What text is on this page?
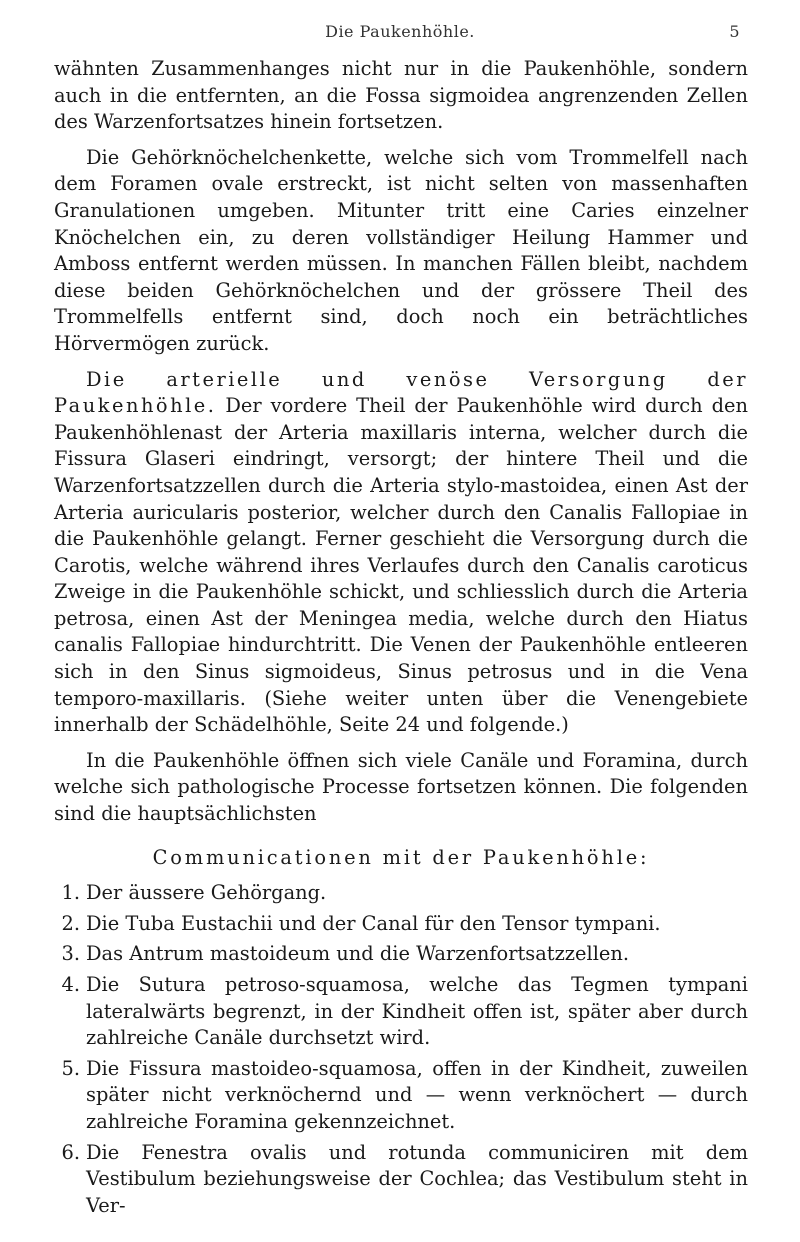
Die Paukenhöhle.	5

wähnten Zusammenhanges nicht nur in die Paukenhöhle, sondern auch in die entfernten, an die Fossa sigmoidea angrenzenden Zellen des Warzenfortsatzes hinein fortsetzen.

Die Gehörknöchelchenkette, welche sich vom Trommelfell nach dem Foramen ovale erstreckt, ist nicht selten von massenhaften Granulationen umgeben. Mitunter tritt eine Caries einzelner Knöchelchen ein, zu deren vollständiger Heilung Hammer und Amboss entfernt werden müssen. In manchen Fällen bleibt, nachdem diese beiden Gehörknöchelchen und der grössere Theil des Trommelfells entfernt sind, doch noch ein beträchtliches Hörvermögen zurück.

Die arterielle und venöse Versorgung der Paukenhöhle. Der vordere Theil der Paukenhöhle wird durch den Paukenhöhlenast der Arteria maxillaris interna, welcher durch die Fissura Glaseri eindringt, versorgt; der hintere Theil und die Warzenfortsatzzellen durch die Arteria stylo-mastoidea, einen Ast der Arteria auricularis posterior, welcher durch den Canalis Fallopiae in die Paukenhöhle gelangt. Ferner geschieht die Versorgung durch die Carotis, welche während ihres Verlaufes durch den Canalis caroticus Zweige in die Paukenhöhle schickt, und schliesslich durch die Arteria petrosa, einen Ast der Meningea media, welche durch den Hiatus canalis Fallopiae hindurchtritt. Die Venen der Paukenhöhle entleeren sich in den Sinus sigmoideus, Sinus petrosus und in die Vena temporo-maxillaris. (Siehe weiter unten über die Venengebiete innerhalb der Schädelhöhle, Seite 24 und folgende.)

In die Paukenhöhle öffnen sich viele Canäle und Foramina, durch welche sich pathologische Processe fortsetzen können. Die folgenden sind die hauptsächlichsten

Communicationen mit der Paukenhöhle:

1. Der äussere Gehörgang.
2. Die Tuba Eustachii und der Canal für den Tensor tympani.
3. Das Antrum mastoideum und die Warzenfortsatzzellen.
4. Die Sutura petroso-squamosa, welche das Tegmen tympani lateralwärts begrenzt, in der Kindheit offen ist, später aber durch zahlreiche Canäle durchsetzt wird.
5. Die Fissura mastoideo-squamosa, offen in der Kindheit, zuweilen später nicht verknöchernd und — wenn verknöchert — durch zahlreiche Foramina gekennzeichnet.
6. Die Fenestra ovalis und rotunda communiciren mit dem Vestibulum beziehungsweise der Cochlea; das Vestibulum steht in Ver-
